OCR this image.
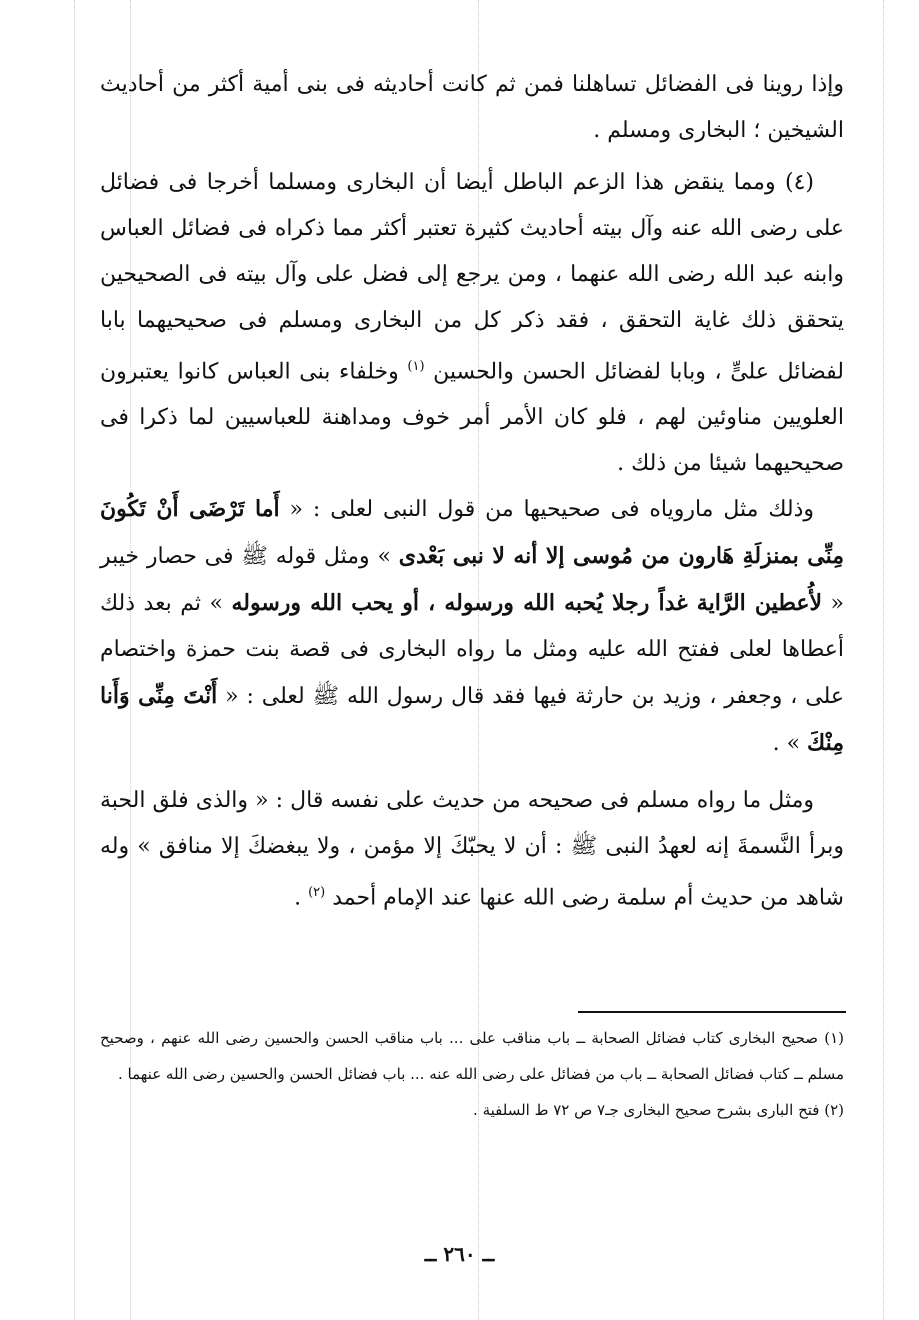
وإذا روينا فى الفضائل تساهلنا فمن ثم كانت أحاديثه فى بنى أمية أكثر من أحاديث الشيخين ؛ البخارى ومسلم .

(٤) ومما ينقض هذا الزعم الباطل أيضا أن البخارى ومسلما أخرجا فى فضائل على رضى الله عنه وآل بيته أحاديث كثيرة تعتبر أكثر مما ذكراه فى فضائل العباس وابنه عبد الله رضى الله عنهما ، ومن يرجع إلى فضل على وآل بيته فى الصحيحين يتحقق ذلك غاية التحقق ، فقد ذكر كل من البخارى ومسلم فى صحيحيهما بابا لفضائل علىٍّ ، وبابا لفضائل الحسن والحسين $^{(١)}$ وخلفاء بنى العباس كانوا يعتبرون العلويين مناوئين لهم ، فلو كان الأمر أمر خوف ومداهنة للعباسيين لما ذكرا فى صحيحيهما شيئا من ذلك .

وذلك مثل ماروياه فى صحيحيها من قول النبى لعلى : « أَما تَرْضَى أَنْ تَكُونَ مِنِّى بمنزلَةِ هَارون من مُوسى إلا أنه لا نبى بَعْدى » ومثل قوله ﷺ فى حصار خيبر « لأُعطين الرَّاية غداً رجلا يُحبه الله ورسوله ، أو يحب الله ورسوله » ثم بعد ذلك أعطاها لعلى ففتح الله عليه ومثل ما رواه البخارى فى قصة بنت حمزة واختصام على ، وجعفر ، وزيد بن حارثة فيها فقد قال رسول الله ﷺ لعلى : « أَنْتَ مِنِّى وَأَنا مِنْكَ » .

ومثل ما رواه مسلم فى صحيحه من حديث على نفسه قال : « والذى فلق الحبة وبرأ النَّسمةَ إنه لعهدُ النبى ﷺ : أن لا يحبّكَ إلا مؤمن ، ولا يبغضكَ إلا منافق » وله شاهد من حديث أم سلمة رضى الله عنها عند الإمام أحمد $^{(٢)}$ .

(١) صحيح البخارى كتاب فضائل الصحابة ــ باب مناقب على ... باب مناقب الحسن والحسين رضى الله عنهم ، وصحيح مسلم ــ كتاب فضائل الصحابة ــ باب من فضائل على رضى الله عنه ... باب فضائل الحسن والحسين رضى الله عنهما .

(٢) فتح البارى بشرح صحيح البخارى جـ٧ ص ٧٢ ط السلفية .

ــ ٢٦٠ ــ
